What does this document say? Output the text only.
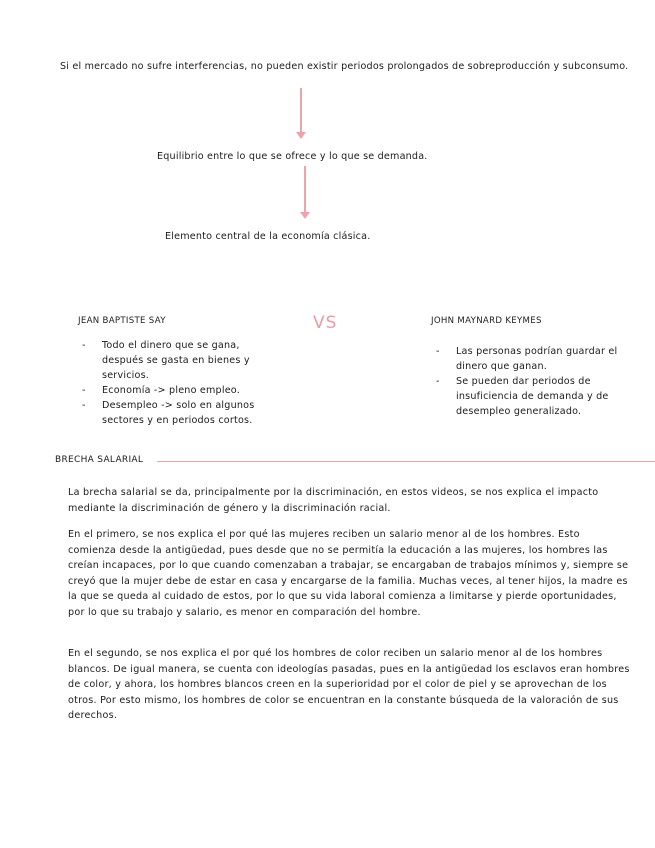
Si el mercado no sufre interferencias, no pueden existir periodos prolongados de sobreproducción y subconsumo.
Equilibrio entre lo que se ofrece y lo que se demanda.
Elemento central de la economía clásica.
JEAN BAPTISTE SAY	VS	JOHN MAYNARD KEYMES
- Todo el dinero que se gana, después se gasta en bienes y servicios.
- Economía -> pleno empleo.
- Desempleo -> solo en algunos sectores y en periodos cortos.
- Las personas podrían guardar el dinero que ganan.
- Se pueden dar periodos de insuficiencia de demanda y de desempleo generalizado.
BRECHA SALARIAL

La brecha salarial se da, principalmente por la discriminación, en estos videos, se nos explica el impacto mediante la discriminación de género y la discriminación racial.

En el primero, se nos explica el por qué las mujeres reciben un salario menor al de los hombres. Esto comienza desde la antigüedad, pues desde que no se permitía la educación a las mujeres, los hombres las creían incapaces, por lo que cuando comenzaban a trabajar, se encargaban de trabajos mínimos y, siempre se creyó que la mujer debe de estar en casa y encargarse de la familia. Muchas veces, al tener hijos, la madre es la que se queda al cuidado de estos, por lo que su vida laboral comienza a limitarse y pierde oportunidades, por lo que su trabajo y salario, es menor en comparación del hombre.

En el segundo, se nos explica el por qué los hombres de color reciben un salario menor al de los hombres blancos. De igual manera, se cuenta con ideologías pasadas, pues en la antigüedad los esclavos eran hombres de color, y ahora, los hombres blancos creen en la superioridad por el color de piel y se aprovechan de los otros. Por esto mismo, los hombres de color se encuentran en la constante búsqueda de la valoración de sus derechos.
